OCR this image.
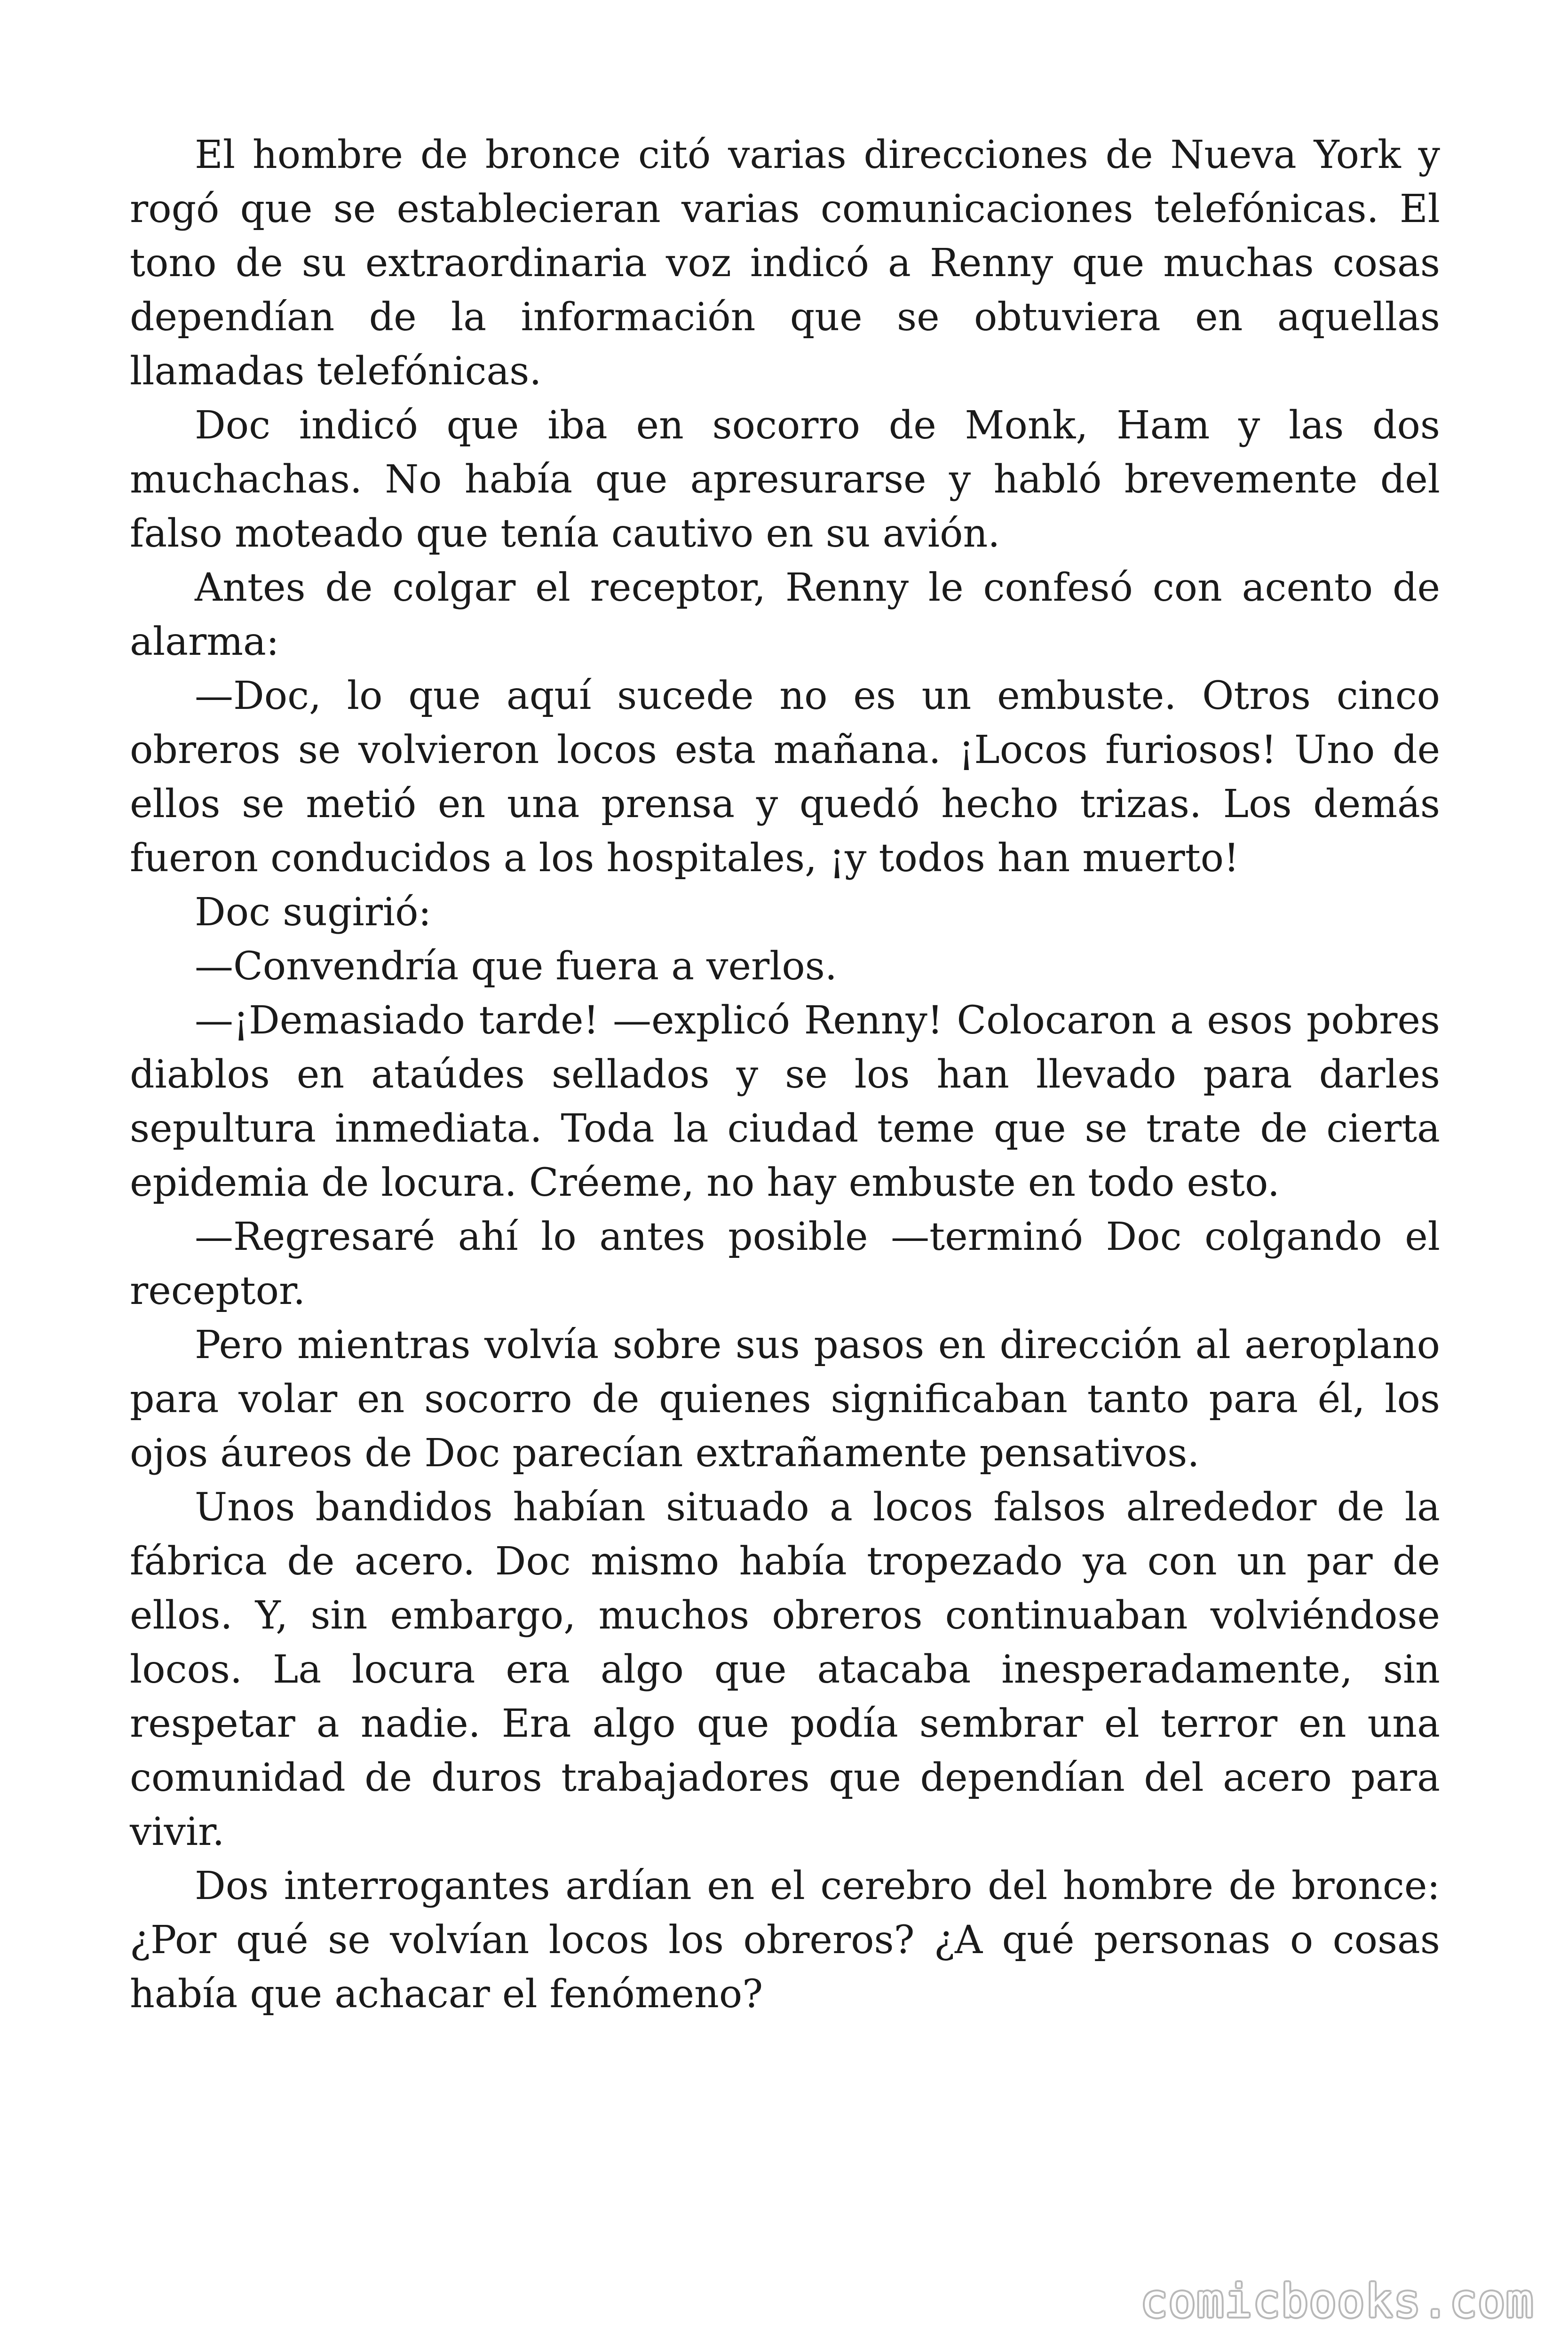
El hombre de bronce citó varias direcciones de Nueva York y rogó que se establecieran varias comunicaciones telefónicas. El tono de su extraordinaria voz indicó a Renny que muchas cosas dependían de la información que se obtuviera en aquellas llamadas telefónicas.

Doc indicó que iba en socorro de Monk, Ham y las dos muchachas. No había que apresurarse y habló brevemente del falso moteado que tenía cautivo en su avión.

Antes de colgar el receptor, Renny le confesó con acento de alarma:

—Doc, lo que aquí sucede no es un embuste. Otros cinco obreros se volvieron locos esta mañana. ¡Locos furiosos! Uno de ellos se metió en una prensa y quedó hecho trizas. Los demás fueron conducidos a los hospitales, ¡y todos han muerto!

Doc sugirió:

—Convendría que fuera a verlos.

—¡Demasiado tarde! —explicó Renny! Colocaron a esos pobres diablos en ataúdes sellados y se los han llevado para darles sepultura inmediata. Toda la ciudad teme que se trate de cierta epidemia de locura. Créeme, no hay embuste en todo esto.

—Regresaré ahí lo antes posible —terminó Doc colgando el receptor.

Pero mientras volvía sobre sus pasos en dirección al aeroplano para volar en socorro de quienes significaban tanto para él, los ojos áureos de Doc parecían extrañamente pensativos.

Unos bandidos habían situado a locos falsos alrededor de la fábrica de acero. Doc mismo había tropezado ya con un par de ellos. Y, sin embargo, muchos obreros continuaban volviéndose locos. La locura era algo que atacaba inesperadamente, sin respetar a nadie. Era algo que podía sembrar el terror en una comunidad de duros trabajadores que dependían del acero para vivir.

Dos interrogantes ardían en el cerebro del hombre de bronce: ¿Por qué se volvían locos los obreros? ¿A qué personas o cosas había que achacar el fenómeno?

comicbooks.com
